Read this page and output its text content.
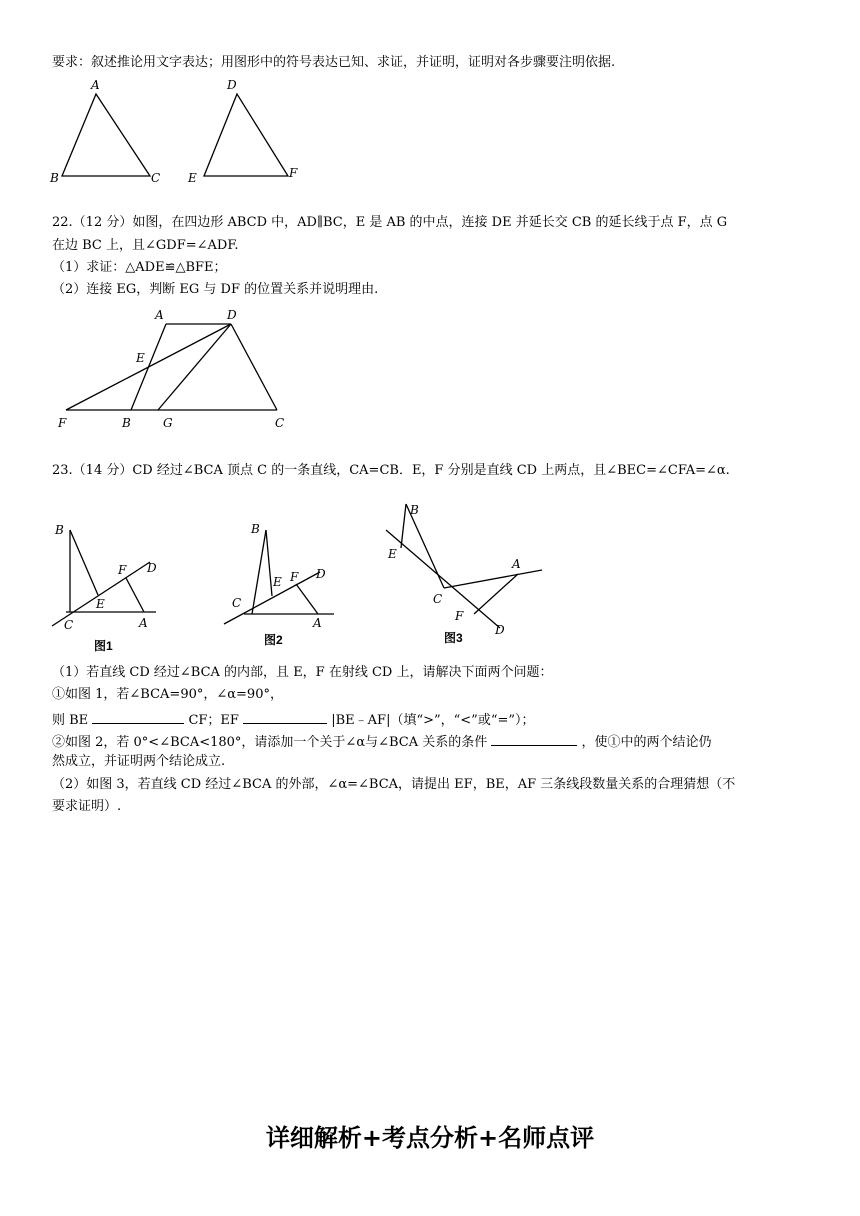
要求：叙述推论用文字表达；用图形中的符号表达已知、求证，并证明，证明对各步骤要注明依据.
A
B	C
D
E	F
22.（12 分）如图，在四边形 ABCD 中，AD∥BC，E 是 AB 的中点，连接 DE 并延长交 CB 的延长线于点 F，点 G
在边 BC 上，且∠GDF=∠ADF.
（1）求证：△ADE≌△BFE；
（2）连接 EG，判断 EG 与 DF 的位置关系并说明理由.
A	D
E
F	B	G	C
23.（14 分）CD 经过∠BCA 顶点 C 的一条直线，CA=CB．E，F 分别是直线 CD 上两点，且∠BEC=∠CFA=∠α.
B
C	A
E
F D
图1
B
C
A
E F D
图2
B
E
C
F
A
D
图3
（1）若直线 CD 经过∠BCA 的内部，且 E，F 在射线 CD 上，请解决下面两个问题：
①如图 1，若∠BCA=90°，∠α=90°，
则 BE	CF；EF	|BE﹣AF|（填“>”，“<”或“=”）；
②如图 2，若 0°<∠BCA<180°，请添加一个关于∠α与∠BCA 关系的条件	，使①中的两个结论仍
然成立，并证明两个结论成立.
（2）如图 3，若直线 CD 经过∠BCA 的外部，∠α=∠BCA，请提出 EF，BE，AF 三条线段数量关系的合理猜想（不
要求证明）.
详细解析+考点分析+名师点评
